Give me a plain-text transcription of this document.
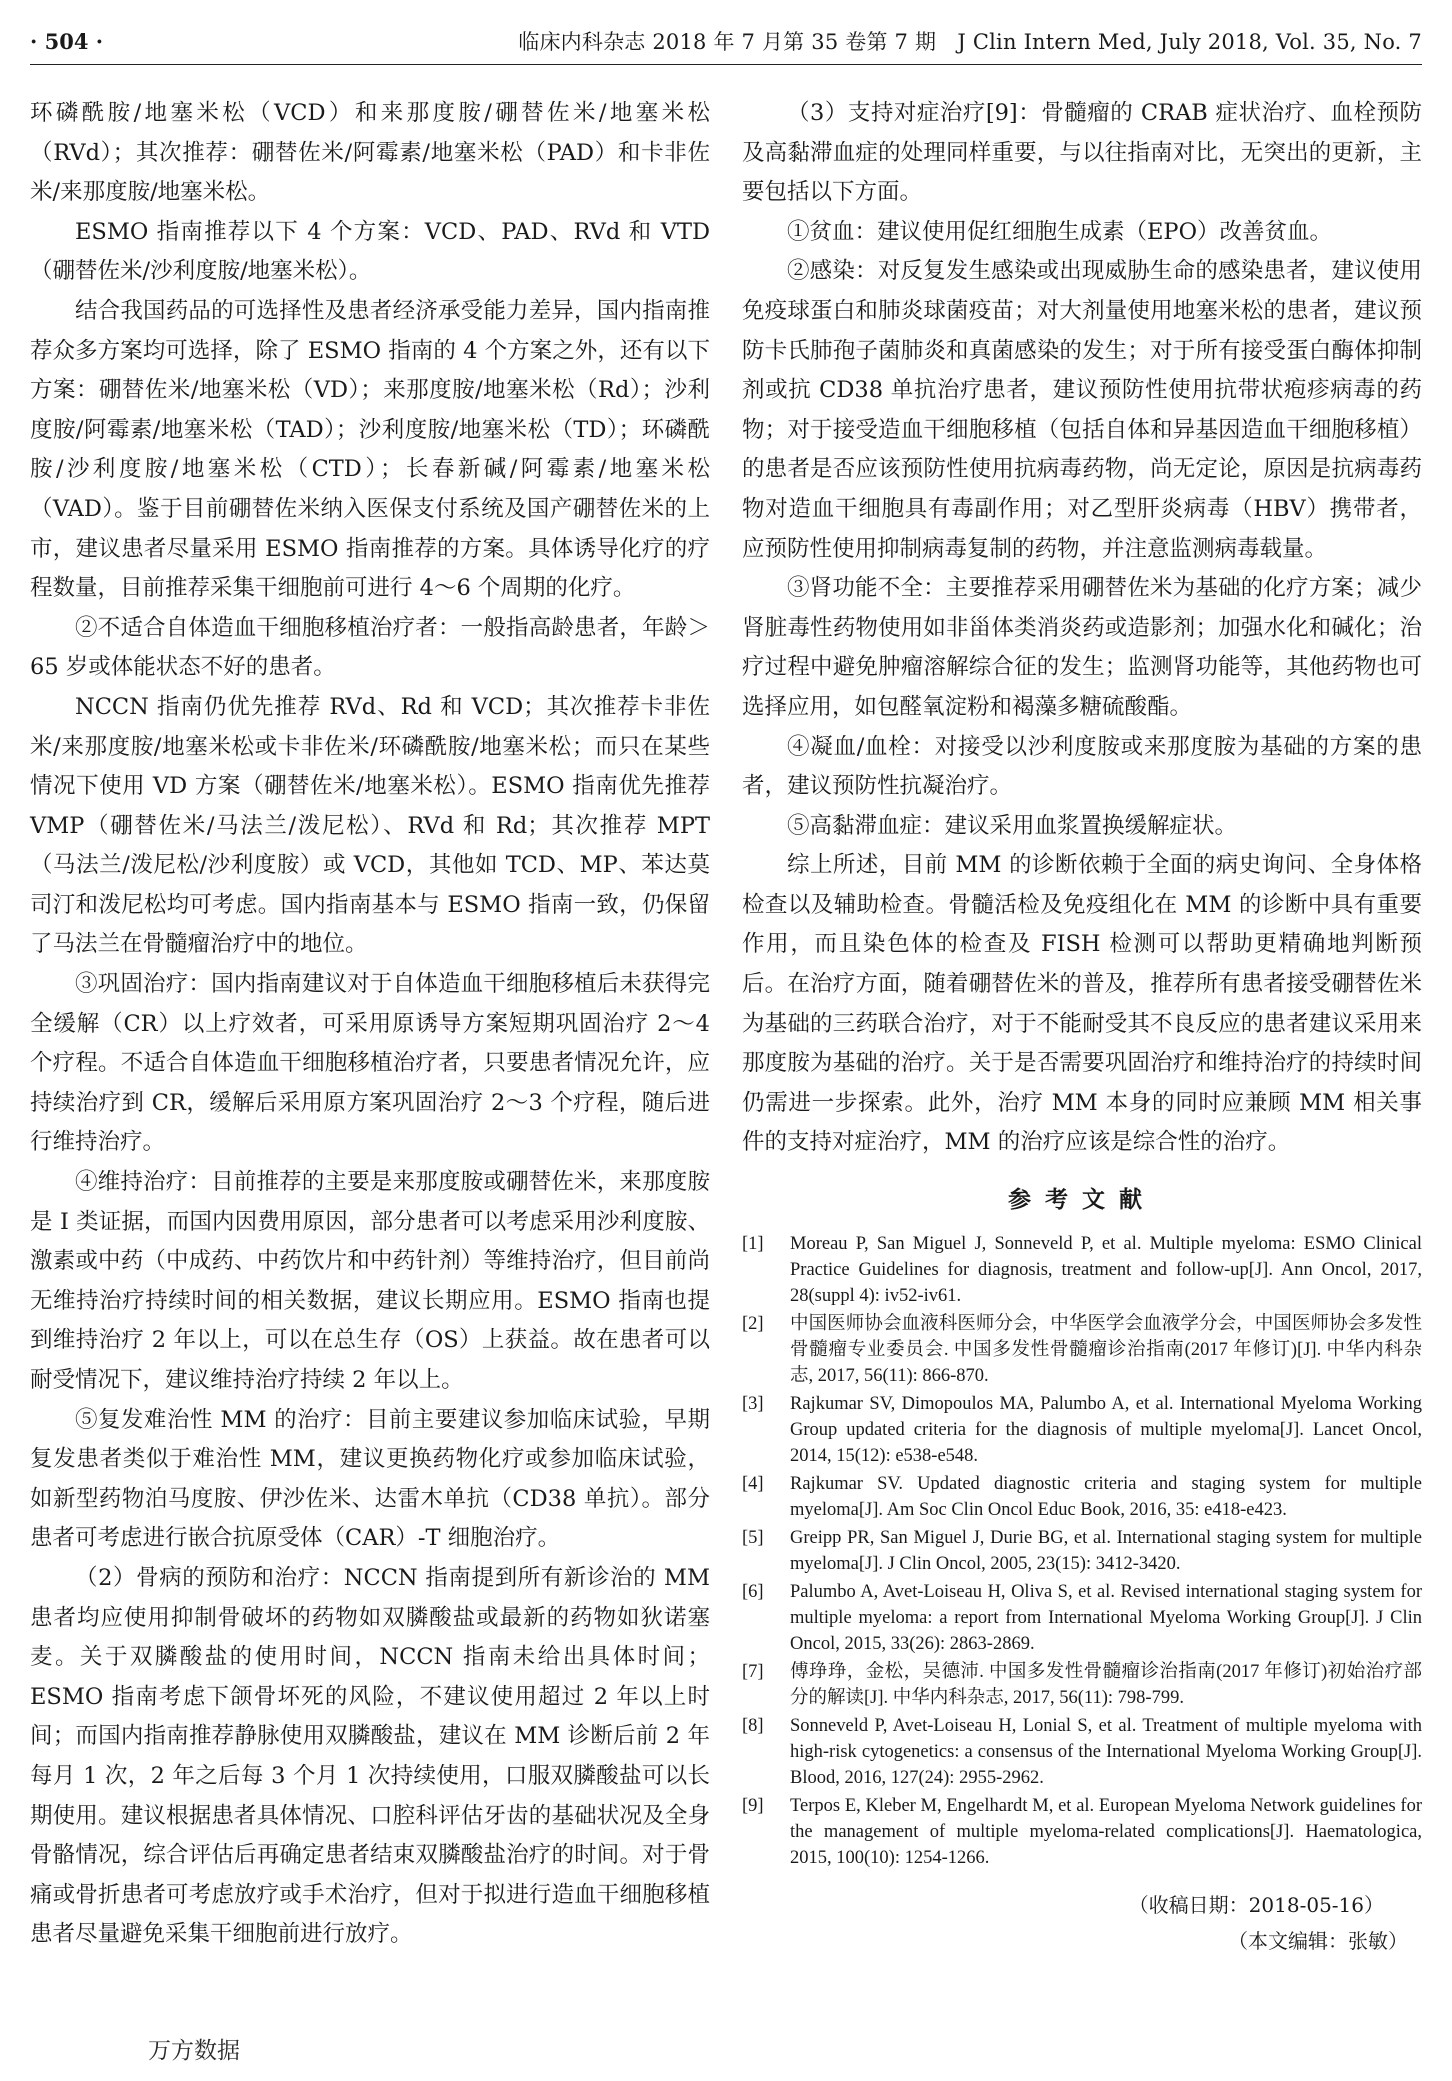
· 504 ·	临床内科杂志 2018 年 7 月第 35 卷第 7 期　J Clin Intern Med, July 2018, Vol. 35, No. 7

环磷酰胺/地塞米松（VCD）和来那度胺/硼替佐米/地塞米松（RVd）；其次推荐：硼替佐米/阿霉素/地塞米松（PAD）和卡非佐米/来那度胺/地塞米松。

ESMO 指南推荐以下 4 个方案：VCD、PAD、RVd 和 VTD（硼替佐米/沙利度胺/地塞米松）。

结合我国药品的可选择性及患者经济承受能力差异，国内指南推荐众多方案均可选择，除了 ESMO 指南的 4 个方案之外，还有以下方案：硼替佐米/地塞米松（VD）；来那度胺/地塞米松（Rd）；沙利度胺/阿霉素/地塞米松（TAD）；沙利度胺/地塞米松（TD）；环磷酰胺/沙利度胺/地塞米松（CTD）；长春新碱/阿霉素/地塞米松（VAD）。鉴于目前硼替佐米纳入医保支付系统及国产硼替佐米的上市，建议患者尽量采用 ESMO 指南推荐的方案。具体诱导化疗的疗程数量，目前推荐采集干细胞前可进行 4～6 个周期的化疗。

②不适合自体造血干细胞移植治疗者：一般指高龄患者，年龄＞65 岁或体能状态不好的患者。

NCCN 指南仍优先推荐 RVd、Rd 和 VCD；其次推荐卡非佐米/来那度胺/地塞米松或卡非佐米/环磷酰胺/地塞米松；而只在某些情况下使用 VD 方案（硼替佐米/地塞米松）。ESMO 指南优先推荐 VMP（硼替佐米/马法兰/泼尼松）、RVd 和 Rd；其次推荐 MPT（马法兰/泼尼松/沙利度胺）或 VCD，其他如 TCD、MP、苯达莫司汀和泼尼松均可考虑。国内指南基本与 ESMO 指南一致，仍保留了马法兰在骨髓瘤治疗中的地位。

③巩固治疗：国内指南建议对于自体造血干细胞移植后未获得完全缓解（CR）以上疗效者，可采用原诱导方案短期巩固治疗 2～4 个疗程。不适合自体造血干细胞移植治疗者，只要患者情况允许，应持续治疗到 CR，缓解后采用原方案巩固治疗 2～3 个疗程，随后进行维持治疗。

④维持治疗：目前推荐的主要是来那度胺或硼替佐米，来那度胺是 I 类证据，而国内因费用原因，部分患者可以考虑采用沙利度胺、激素或中药（中成药、中药饮片和中药针剂）等维持治疗，但目前尚无维持治疗持续时间的相关数据，建议长期应用。ESMO 指南也提到维持治疗 2 年以上，可以在总生存（OS）上获益。故在患者可以耐受情况下，建议维持治疗持续 2 年以上。

⑤复发难治性 MM 的治疗：目前主要建议参加临床试验，早期复发患者类似于难治性 MM，建议更换药物化疗或参加临床试验，如新型药物泊马度胺、伊沙佐米、达雷木单抗（CD38 单抗）。部分患者可考虑进行嵌合抗原受体（CAR）-T 细胞治疗。

（2）骨病的预防和治疗：NCCN 指南提到所有新诊治的 MM 患者均应使用抑制骨破坏的药物如双膦酸盐或最新的药物如狄诺塞麦。关于双膦酸盐的使用时间，NCCN 指南未给出具体时间；ESMO 指南考虑下颌骨坏死的风险，不建议使用超过 2 年以上时间；而国内指南推荐静脉使用双膦酸盐，建议在 MM 诊断后前 2 年每月 1 次，2 年之后每 3 个月 1 次持续使用，口服双膦酸盐可以长期使用。建议根据患者具体情况、口腔科评估牙齿的基础状况及全身骨骼情况，综合评估后再确定患者结束双膦酸盐治疗的时间。对于骨痛或骨折患者可考虑放疗或手术治疗，但对于拟进行造血干细胞移植患者尽量避免采集干细胞前进行放疗。

（3）支持对症治疗[9]：骨髓瘤的 CRAB 症状治疗、血栓预防及高黏滞血症的处理同样重要，与以往指南对比，无突出的更新，主要包括以下方面。

①贫血：建议使用促红细胞生成素（EPO）改善贫血。

②感染：对反复发生感染或出现威胁生命的感染患者，建议使用免疫球蛋白和肺炎球菌疫苗；对大剂量使用地塞米松的患者，建议预防卡氏肺孢子菌肺炎和真菌感染的发生；对于所有接受蛋白酶体抑制剂或抗 CD38 单抗治疗患者，建议预防性使用抗带状疱疹病毒的药物；对于接受造血干细胞移植（包括自体和异基因造血干细胞移植）的患者是否应该预防性使用抗病毒药物，尚无定论，原因是抗病毒药物对造血干细胞具有毒副作用；对乙型肝炎病毒（HBV）携带者，应预防性使用抑制病毒复制的药物，并注意监测病毒载量。

③肾功能不全：主要推荐采用硼替佐米为基础的化疗方案；减少肾脏毒性药物使用如非甾体类消炎药或造影剂；加强水化和碱化；治疗过程中避免肿瘤溶解综合征的发生；监测肾功能等，其他药物也可选择应用，如包醛氧淀粉和褐藻多糖硫酸酯。

④凝血/血栓：对接受以沙利度胺或来那度胺为基础的方案的患者，建议预防性抗凝治疗。

⑤高黏滞血症：建议采用血浆置换缓解症状。

综上所述，目前 MM 的诊断依赖于全面的病史询问、全身体格检查以及辅助检查。骨髓活检及免疫组化在 MM 的诊断中具有重要作用，而且染色体的检查及 FISH 检测可以帮助更精确地判断预后。在治疗方面，随着硼替佐米的普及，推荐所有患者接受硼替佐米为基础的三药联合治疗，对于不能耐受其不良反应的患者建议采用来那度胺为基础的治疗。关于是否需要巩固治疗和维持治疗的持续时间仍需进一步探索。此外，治疗 MM 本身的同时应兼顾 MM 相关事件的支持对症治疗，MM 的治疗应该是综合性的治疗。

参考文献
[1]	Moreau P, San Miguel J, Sonneveld P, et al. Multiple myeloma: ESMO Clinical Practice Guidelines for diagnosis, treatment and follow-up[J]. Ann Oncol, 2017, 28(suppl 4): iv52-iv61.
[2]	中国医师协会血液科医师分会，中华医学会血液学分会，中国医师协会多发性骨髓瘤专业委员会. 中国多发性骨髓瘤诊治指南(2017 年修订)[J]. 中华内科杂志, 2017, 56(11): 866-870.
[3]	Rajkumar SV, Dimopoulos MA, Palumbo A, et al. International Myeloma Working Group updated criteria for the diagnosis of multiple myeloma[J]. Lancet Oncol, 2014, 15(12): e538-e548.
[4]	Rajkumar SV. Updated diagnostic criteria and staging system for multiple myeloma[J]. Am Soc Clin Oncol Educ Book, 2016, 35: e418-e423.
[5]	Greipp PR, San Miguel J, Durie BG, et al. International staging system for multiple myeloma[J]. J Clin Oncol, 2005, 23(15): 3412-3420.
[6]	Palumbo A, Avet-Loiseau H, Oliva S, et al. Revised international staging system for multiple myeloma: a report from International Myeloma Working Group[J]. J Clin Oncol, 2015, 33(26): 2863-2869.
[7]	傅琤琤，金松，吴德沛. 中国多发性骨髓瘤诊治指南(2017 年修订)初始治疗部分的解读[J]. 中华内科杂志, 2017, 56(11): 798-799.
[8]	Sonneveld P, Avet-Loiseau H, Lonial S, et al. Treatment of multiple myeloma with high-risk cytogenetics: a consensus of the International Myeloma Working Group[J]. Blood, 2016, 127(24): 2955-2962.
[9]	Terpos E, Kleber M, Engelhardt M, et al. European Myeloma Network guidelines for the management of multiple myeloma-related complications[J]. Haematologica, 2015, 100(10): 1254-1266.
（收稿日期：2018-05-16）
（本文编辑：张敏）
万方数据
